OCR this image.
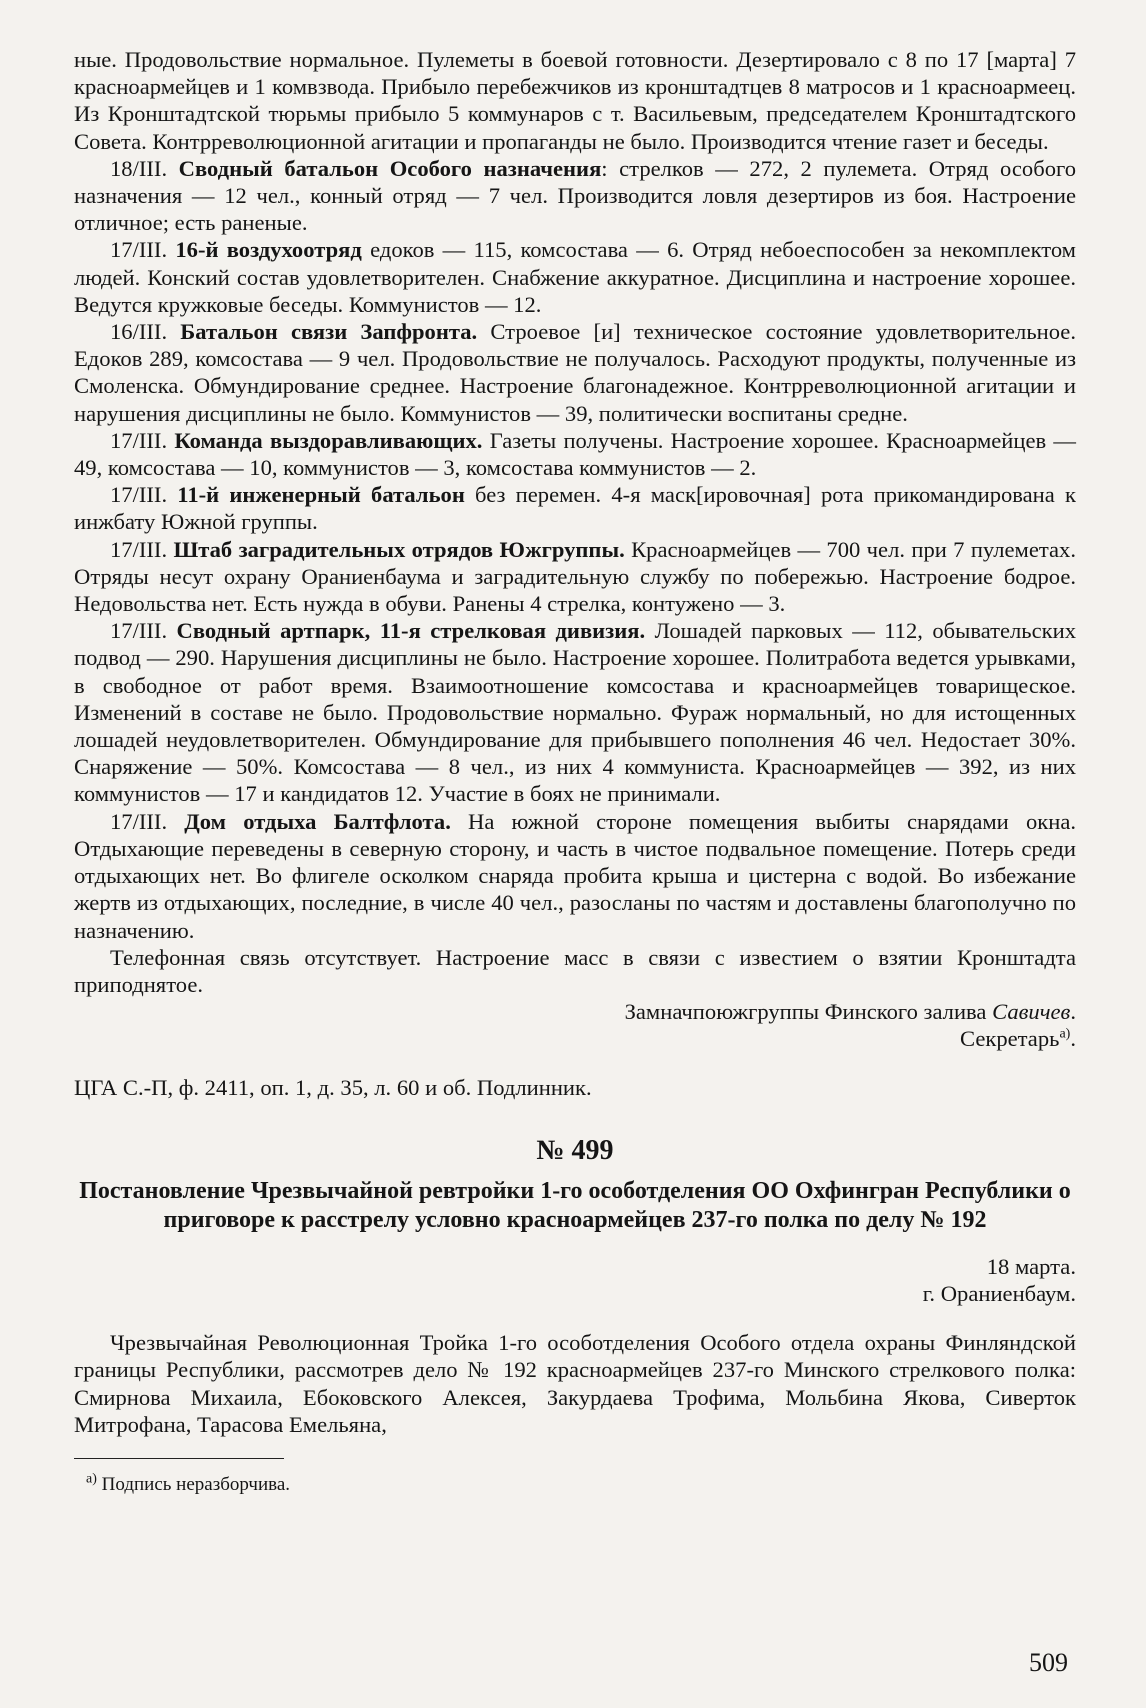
ные. Продовольствие нормальное. Пулеметы в боевой готовности. Дезертировало с 8 по 17 [марта] 7 красноармейцев и 1 комвзвода. Прибыло перебежчиков из кронштадтцев 8 матросов и 1 красноармеец. Из Кронштадтской тюрьмы прибыло 5 коммунаров с т. Васильевым, председателем Кронштадтского Совета. Контрреволюционной агитации и пропаганды не было. Производится чтение газет и беседы.

18/III. Сводный батальон Особого назначения: стрелков — 272, 2 пулемета. Отряд особого назначения — 12 чел., конный отряд — 7 чел. Производится ловля дезертиров из боя. Настроение отличное; есть раненые.

17/III. 16-й воздухоотряд едоков — 115, комсостава — 6. Отряд небоеспособен за некомплектом людей. Конский состав удовлетворителен. Снабжение аккуратное. Дисциплина и настроение хорошее. Ведутся кружковые беседы. Коммунистов — 12.

16/III. Батальон связи Запфронта. Строевое [и] техническое состояние удовлетворительное. Едоков 289, комсостава — 9 чел. Продовольствие не получалось. Расходуют продукты, полученные из Смоленска. Обмундирование среднее. Настроение благонадежное. Контрреволюционной агитации и нарушения дисциплины не было. Коммунистов — 39, политически воспитаны средне.

17/III. Команда выздоравливающих. Газеты получены. Настроение хорошее. Красноармейцев — 49, комсостава — 10, коммунистов — 3, комсостава коммунистов — 2.

17/III. 11-й инженерный батальон без перемен. 4-я маск[ировочная] рота прикомандирована к инжбату Южной группы.

17/III. Штаб заградительных отрядов Южгруппы. Красноармейцев — 700 чел. при 7 пулеметах. Отряды несут охрану Ораниенбаума и заградительную службу по побережью. Настроение бодрое. Недовольства нет. Есть нужда в обуви. Ранены 4 стрелка, контужено — 3.

17/III. Сводный артпарк, 11-я стрелковая дивизия. Лошадей парковых — 112, обывательских подвод — 290. Нарушения дисциплины не было. Настроение хорошее. Политработа ведется урывками, в свободное от работ время. Взаимоотношение комсостава и красноармейцев товарищеское. Изменений в составе не было. Продовольствие нормально. Фураж нормальный, но для истощенных лошадей неудовлетворителен. Обмундирование для прибывшего пополнения 46 чел. Недостает 30%. Снаряжение — 50%. Комсостава — 8 чел., из них 4 коммуниста. Красноармейцев — 392, из них коммунистов — 17 и кандидатов 12. Участие в боях не принимали.

17/III. Дом отдыха Балтфлота. На южной стороне помещения выбиты снарядами окна. Отдыхающие переведены в северную сторону, и часть в чистое подвальное помещение. Потерь среди отдыхающих нет. Во флигеле осколком снаряда пробита крыша и цистерна с водой. Во избежание жертв из отдыхающих, последние, в числе 40 чел., разосланы по частям и доставлены благополучно по назначению.

Телефонная связь отсутствует. Настроение масс в связи с известием о взятии Кронштадта приподнятое.

Замначпоюжгруппы Финского залива Савичев.

Секретарь$^{а)}$.

ЦГА С.-П, ф. 2411, оп. 1, д. 35, л. 60 и об. Подлинник.

№ 499

Постановление Чрезвычайной ревтройки 1-го особотделения ОО Охфингран Республики о приговоре к расстрелу условно красноармейцев 237-го полка по делу № 192

18 марта.

г. Ораниенбаум.

Чрезвычайная Революционная Тройка 1-го особотделения Особого отдела охраны Финляндской границы Республики, рассмотрев дело № 192 красноармейцев 237-го Минского стрелкового полка: Смирнова Михаила, Ебоковского Алексея, Закурдаева Трофима, Мольбина Якова, Сиверток Митрофана, Тарасова Емельяна,

$^{а)}$ Подпись неразборчива.

509
